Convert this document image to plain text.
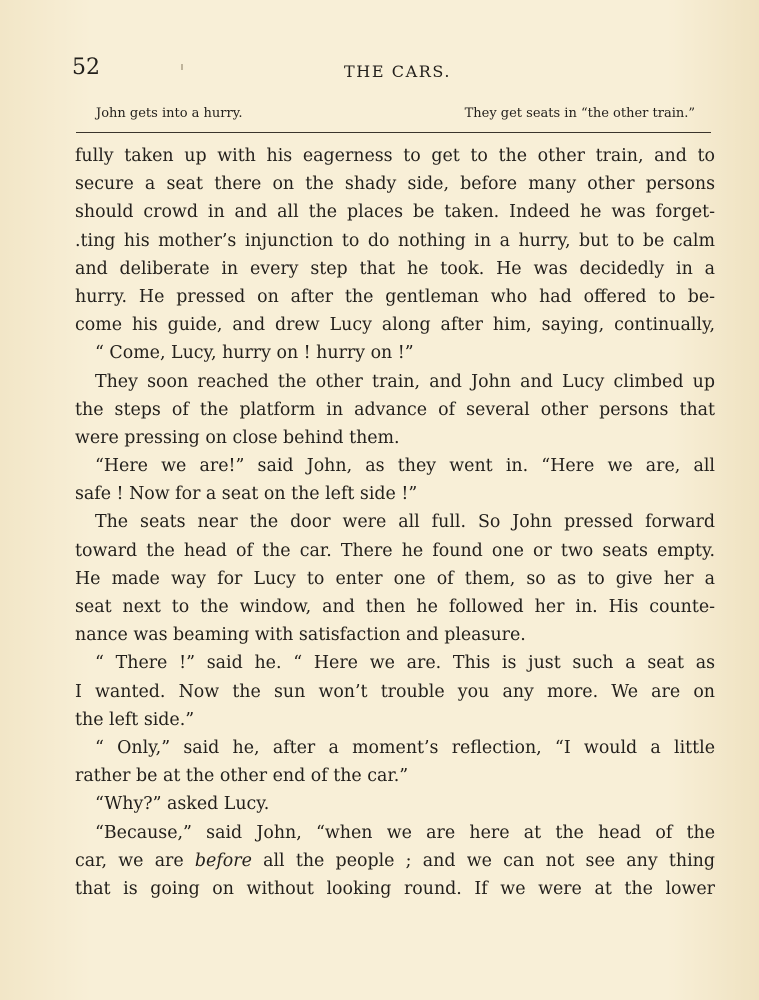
52	THE CARS.
John gets into a hurry.	They get seats in “the other train.”
fully taken up with his eagerness to get to the other train, and to
secure a seat there on the shady side, before many other persons
should crowd in and all the places be taken. Indeed he was forget-
.ting his mother’s injunction to do nothing in a hurry, but to be calm
and deliberate in every step that he took. He was decidedly in a
hurry. He pressed on after the gentleman who had offered to be-
come his guide, and drew Lucy along after him, saying, continually,
“ Come, Lucy, hurry on ! hurry on !”
They soon reached the other train, and John and Lucy climbed up
the steps of the platform in advance of several other persons that
were pressing on close behind them.
“Here we are!” said John, as they went in. “Here we are, all
safe ! Now for a seat on the left side !”
The seats near the door were all full. So John pressed forward
toward the head of the car. There he found one or two seats empty.
He made way for Lucy to enter one of them, so as to give her a
seat next to the window, and then he followed her in. His counte-
nance was beaming with satisfaction and pleasure.
“ There !” said he. “ Here we are. This is just such a seat as
I wanted. Now the sun won’t trouble you any more. We are on
the left side.”
“ Only,” said he, after a moment’s reflection, “I would a little
rather be at the other end of the car.”
“Why?” asked Lucy.
“Because,” said John, “when we are here at the head of the
car, we are before all the people ; and we can not see any thing
that is going on without looking round. If we were at the lower
